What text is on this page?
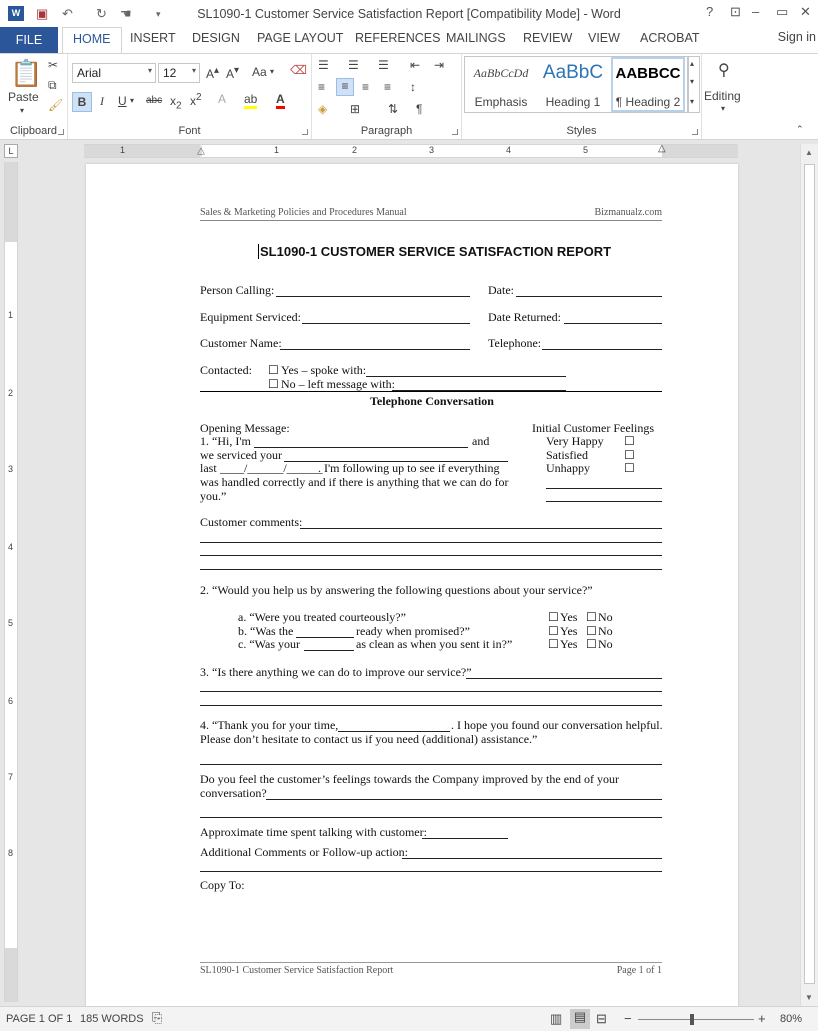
W ▣ ↶ ↻ ☚	▾	SL1090-1 Customer Service Satisfaction Report [Compatibility Mode] - Word	? ⊡ – ▭ ✕
FILE	HOME	INSERT DESIGN PAGE LAYOUT REFERENCES MAILINGS REVIEW VIEW ACROBAT	Sign in
📋
Paste
▾
✂
⧉
🖌
Clipboard
Arial	▾ 12 ▾ A▴ A▾ Aa ▾ ⌫
B	I U ▾ abc $x_2$ $x^2$ A ab A
Font
☰ ☰ ☰ ⇤ ⇥
≡	≡	≡ ≡ ↕
◈ ⊞ ⇅ ¶
Paragraph
AaBbCcDd
Emphasis
AaBbC
Heading 1
AABBCC
¶ Heading 2
▴
▾
▾
Styles
⚲
Editing
▾
⌃
L	1	1	2	3	4	5
⏃	△
1
2
3
4
5
6
7
8
▲
▼
Sales & Marketing Policies and Procedures Manual	Bizmanualz.com
SL1090-1 CUSTOMER SERVICE SATISFACTION REPORT
Person Calling:	Date:
Equipment Serviced:	Date Returned:
Customer Name:	Telephone:
Contacted: ☐ Yes – spoke with:
☐ No – left message with:
Telephone Conversation
Opening Message:
1. “Hi, I'm	and
we serviced your
last ____/______/______
. I'm following up to see if everything
was handled correctly and if there is anything that we can do for
you.”
Initial Customer Feelings
Very Happy ☐
Satisfied	☐
Unhappy	☐
Customer comments:
2. “Would you help us by answering the following questions about your service?”
a. “Were you treated courteously?”
b. “Was the	ready when promised?”
c. “Was your	as clean as when you sent it in?”
☐ Yes ☐ No
☐ Yes ☐ No
☐ Yes ☐ No
3. “Is there anything we can do to improve our service?”
4. “Thank you for your time,	. I hope you found our conversation helpful.
Please don’t hesitate to contact us if you need (additional) assistance.”
Do you feel the customer’s feelings towards the Company improved by the end of your
conversation?
Approximate time spent talking with customer:
Additional Comments or Follow-up action:
Copy To:
SL1090-1 Customer Service Satisfaction Report	Page 1 of 1
PAGE 1 OF 1 185 WORDS ⎘	▥ ▤ ⊟ −	+ 80%
